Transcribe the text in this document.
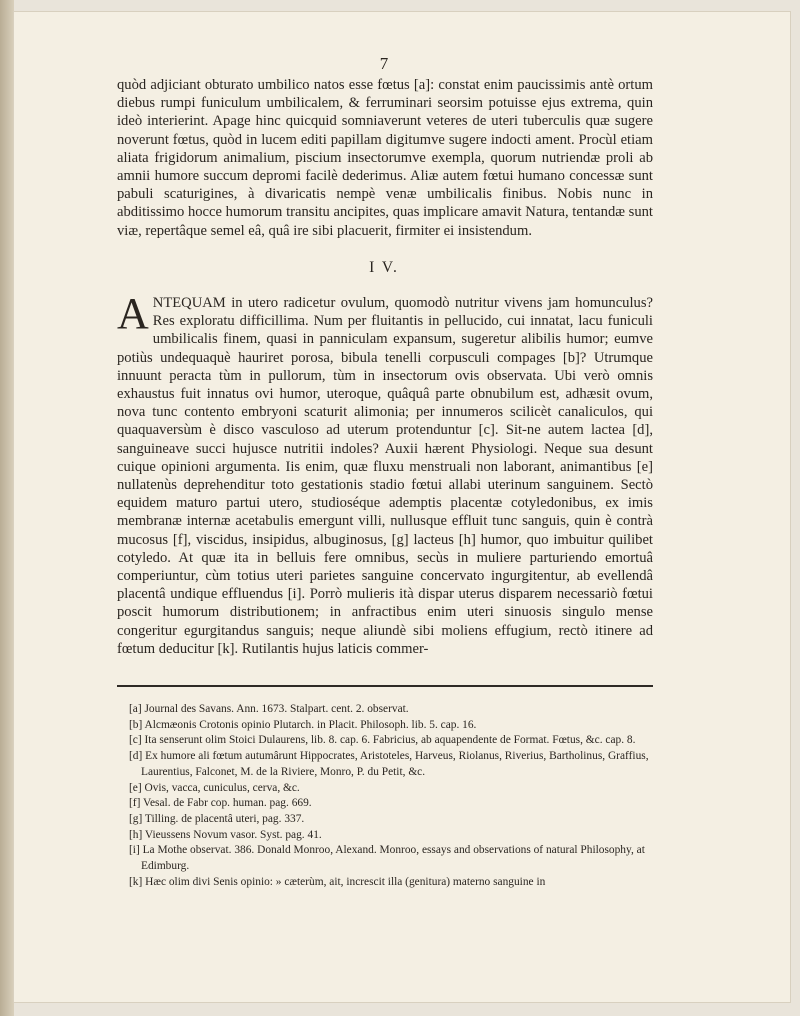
7

quòd adjiciant obturato umbilico natos esse fœtus [a]: constat enim paucissimis antè ortum diebus rumpi funiculum umbilicalem, & ferruminari seorsim potuisse ejus extrema, quin ideò interierint. Apage hinc quicquid somniaverunt veteres de uteri tuberculis quæ sugere noverunt fœtus, quòd in lucem editi papillam digitumve sugere indocti ament. Procùl etiam aliata frigidorum animalium, piscium insectorumve exempla, quorum nutriendæ proli ab amnii humore succum depromi facilè dederimus. Aliæ autem fœtui humano concessæ sunt pabuli scaturigines, à divaricatis nempè venæ umbilicalis finibus. Nobis nunc in abditissimo hocce humorum transitu ancipites, quas implicare amavit Natura, tentandæ sunt viæ, repertâque semel eâ, quâ ire sibi placuerit, firmiter ei insistendum.

I V.

ANTEQUAM in utero radicetur ovulum, quomodò nutritur vivens jam homunculus? Res exploratu difficillima. Num per fluitantis in pellucido, cui innatat, lacu funiculi umbilicalis finem, quasi in panniculam expansum, sugeretur alibilis humor; eumve potiùs undequaquè hauriret porosa, bibula tenelli corpusculi compages [b]? Utrumque innuunt peracta tùm in pullorum, tùm in insectorum ovis observata. Ubi verò omnis exhaustus fuit innatus ovi humor, uteroque, quâquâ parte obnubilum est, adhæsit ovum, nova tunc contento embryoni scaturit alimonia; per innumeros scilicèt canaliculos, qui quaquaversùm è disco vasculoso ad uterum protenduntur [c]. Sit-ne autem lactea [d], sanguineave succi hujusce nutritii indoles? Auxii hærent Physiologi. Neque sua desunt cuique opinioni argumenta. Iis enim, quæ fluxu menstruali non laborant, animantibus [e] nullatenùs deprehenditur toto gestationis stadio fœtui allabi uterinum sanguinem. Sectò equidem maturo partui utero, studioséque ademptis placentæ cotyledonibus, ex imis membranæ internæ acetabulis emergunt villi, nullusque effluit tunc sanguis, quin è contrà mucosus [f], viscidus, insipidus, albuginosus, [g] lacteus [h] humor, quo imbuitur quilibet cotyledo. At quæ ita in belluis fere omnibus, secùs in muliere parturiendo emortuâ comperiuntur, cùm totius uteri parietes sanguine concervato ingurgitentur, ab evellendâ placentâ undique effluendus [i]. Porrò mulieris ità dispar uterus disparem necessariò fœtui poscit humorum distributionem; in anfractibus enim uteri sinuosis singulo mense congeritur egurgitandus sanguis; neque aliundè sibi moliens effugium, rectò itinere ad fœtum deducitur [k]. Rutilantis hujus laticis commer-

[a] Journal des Savans. Ann. 1673. Stalpart. cent. 2. observat.
[b] Alcmæonis Crotonis opinio Plutarch. in Placit. Philosoph. lib. 5. cap. 16.
[c] Ita senserunt olim Stoici Dulaurens, lib. 8. cap. 6. Fabricius, ab aquapendente de Format. Fœtus, &c. cap. 8.
[d] Ex humore ali fœtum autumârunt Hippocrates, Aristoteles, Harveus, Riolanus, Riverius, Bartholinus, Graffius, Laurentius, Falconet, M. de la Riviere, Monro, P. du Petit, &c.
[e] Ovis, vacca, cuniculus, cerva, &c.
[f] Vesal. de Fabr cop. human. pag. 669.
[g] Tilling. de placentâ uteri, pag. 337.
[h] Vieussens Novum vasor. Syst. pag. 41.
[i] La Mothe observat. 386. Donald Monroo, Alexand. Monroo, essays and observations of natural Philosophy, at Edimburg.
[k] Hæc olim divi Senis opinio: » cæterùm, ait, increscit illa (genitura) materno sanguine in
